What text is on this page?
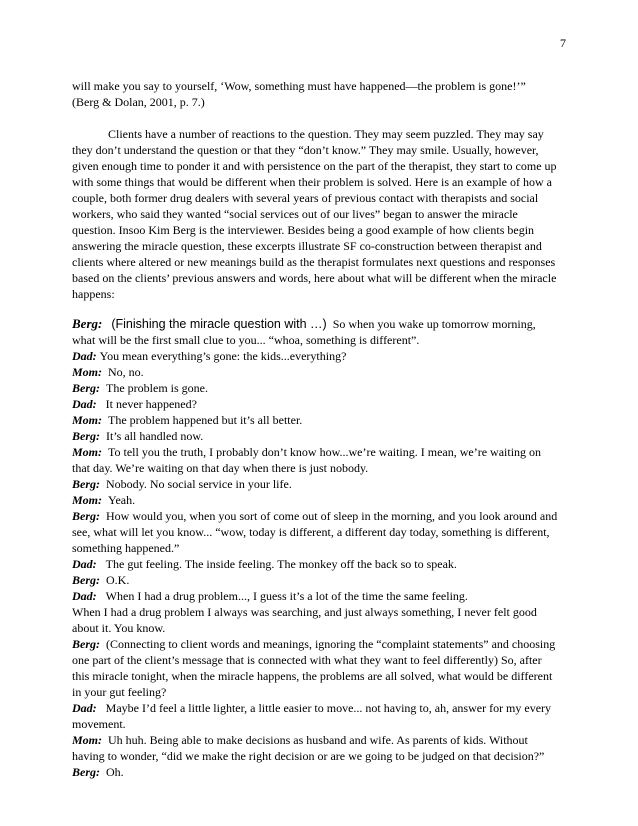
7

will make you say to yourself, ‘Wow, something must have happened—the problem is gone!’”
(Berg & Dolan, 2001, p. 7.)

Clients have a number of reactions to the question. They may seem puzzled. They may say they don’t understand the question or that they “don’t know.” They may smile. Usually, however, given enough time to ponder it and with persistence on the part of the therapist, they start to come up with some things that would be different when their problem is solved. Here is an example of how a couple, both former drug dealers with several years of previous contact with therapists and social workers, who said they wanted “social services out of our lives” began to answer the miracle question. Insoo Kim Berg is the interviewer. Besides being a good example of how clients begin answering the miracle question, these excerpts illustrate SF co-construction between therapist and clients where altered or new meanings build as the therapist formulates next questions and responses based on the clients’ previous answers and words, here about what will be different when the miracle happens:

Berg: (Finishing the miracle question with …) So when you wake up tomorrow morning, what will be the first small clue to you... “whoa, something is different”.

Dad: You mean everything’s gone: the kids...everything?

Mom: No, no.

Berg: The problem is gone.

Dad: It never happened?

Mom: The problem happened but it’s all better.

Berg: It’s all handled now.

Mom: To tell you the truth, I probably don’t know how...we’re waiting. I mean, we’re waiting on that day. We’re waiting on that day when there is just nobody.

Berg: Nobody. No social service in your life.

Mom: Yeah.

Berg: How would you, when you sort of come out of sleep in the morning, and you look around and see, what will let you know... “wow, today is different, a different day today, something is different, something happened.”

Dad: The gut feeling. The inside feeling. The monkey off the back so to speak.

Berg: O.K.

Dad: When I had a drug problem..., I guess it’s a lot of the time the same feeling.

When I had a drug problem I always was searching, and just always something, I never felt good about it. You know.

Berg: (Connecting to client words and meanings, ignoring the “complaint statements” and choosing one part of the client’s message that is connected with what they want to feel differently) So, after this miracle tonight, when the miracle happens, the problems are all solved, what would be different in your gut feeling?

Dad: Maybe I’d feel a little lighter, a little easier to move... not having to, ah, answer for my every movement.

Mom: Uh huh. Being able to make decisions as husband and wife. As parents of kids. Without having to wonder, “did we make the right decision or are we going to be judged on that decision?”

Berg: Oh.
